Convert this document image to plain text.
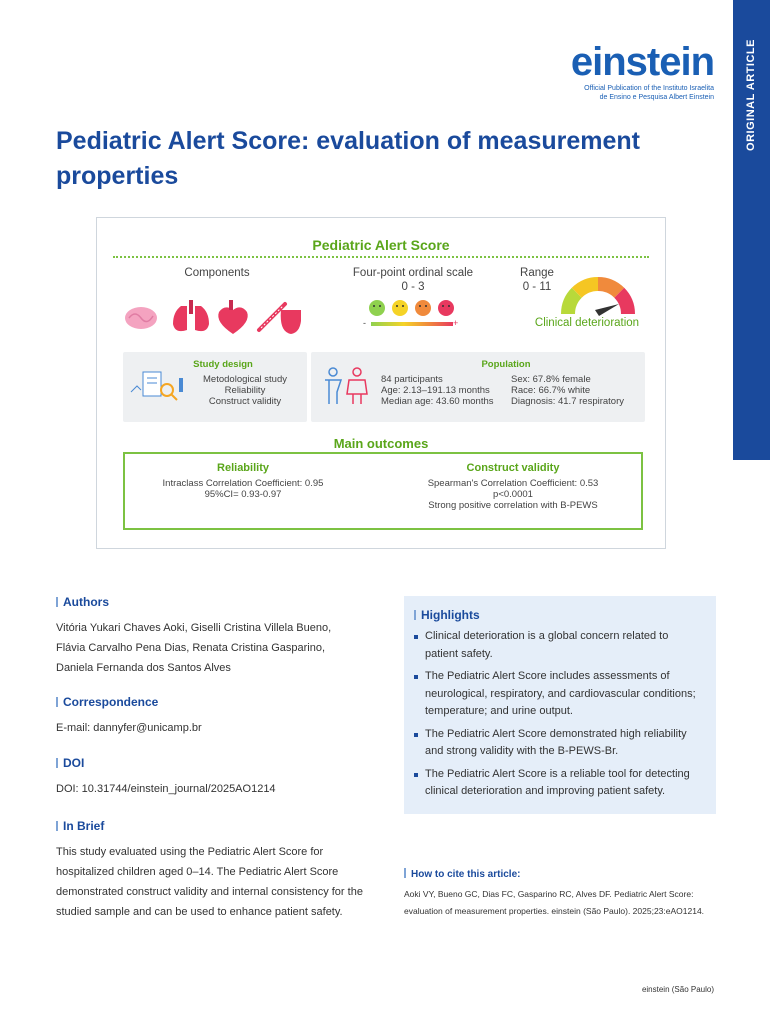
ORIGINAL ARTICLE
einstein
Official Publication of the Instituto Israelita
de Ensino e Pesquisa Albert Einstein
Pediatric Alert Score: evaluation of measurement properties
Pediatric Alert Score
Components	Four-point ordinal scale
0 - 3
Range
0 - 11
-	+	Clinical deterioration
Study design
Metodological study
Reliability
Construct validity
Population
84 participants
Age: 2.13–191.13 months
Median age: 43.60 months
Sex: 67.8% female
Race: 66.7% white
Diagnosis: 41.7 respiratory
Main outcomes
Reliability
Intraclass Correlation Coefficient: 0.95
95%CI= 0.93-0.97
Construct validity
Spearman's Correlation Coefficient: 0.53
p<0.0001
Strong positive correlation with B-PEWS
Authors

Vitória Yukari Chaves Aoki, Giselli Cristina Villela Bueno,

Flávia Carvalho Pena Dias, Renata Cristina Gasparino,

Daniela Fernanda dos Santos Alves

Correspondence

E-mail: dannyfer@unicamp.br

DOI

DOI: 10.31744/einstein_journal/2025AO1214

In Brief

This study evaluated using the Pediatric Alert Score for hospitalized children aged 0–14. The Pediatric Alert Score demonstrated construct validity and internal consistency for the studied sample and can be used to enhance patient safety.

Highlights
Clinical deterioration is a global concern related to patient safety.
The Pediatric Alert Score includes assessments of neurological, respiratory, and cardiovascular conditions; temperature; and urine output.
The Pediatric Alert Score demonstrated high reliability and strong validity with the B-PEWS-Br.
The Pediatric Alert Score is a reliable tool for detecting clinical deterioration and improving patient safety.
How to cite this article:

Aoki VY, Bueno GC, Dias FC, Gasparino RC, Alves DF. Pediatric Alert Score: evaluation of measurement properties. einstein (São Paulo). 2025;23:eAO1214.

einstein (São Paulo)
